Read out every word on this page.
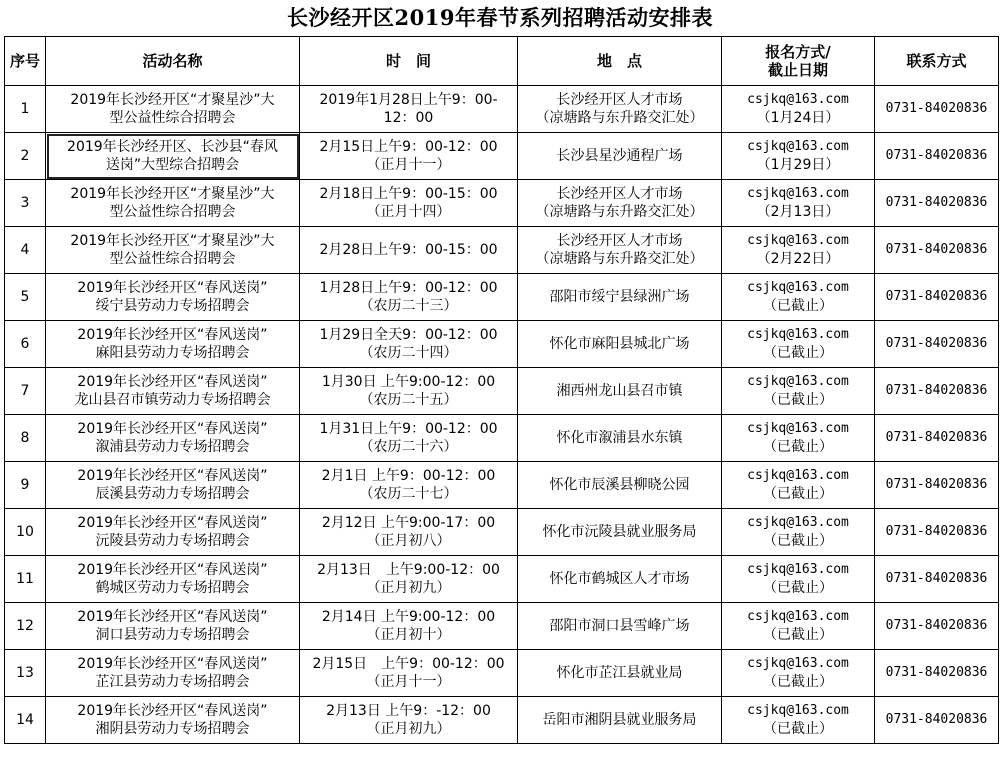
长沙经开区2019年春节系列招聘活动安排表
序号	活动名称	时　间	地　点	报名方式/
截止日期	联系方式

1	2019年长沙经开区“才聚星沙”大
型公益性综合招聘会	2019年1月28日上午9：00-
12：00	长沙经开区人才市场
（凉塘路与东升路交汇处）	csjkq@163.com
（1月24日）	0731-84020836

2	2019年长沙经开区、长沙县“春风
送岗”大型综合招聘会	2月15日上午9：00-12：00
（正月十一）	长沙县星沙通程广场	csjkq@163.com
（1月29日）	0731-84020836

3	2019年长沙经开区“才聚星沙”大
型公益性综合招聘会	2月18日上午9：00-15：00
（正月十四）	长沙经开区人才市场
（凉塘路与东升路交汇处）	csjkq@163.com
（2月13日）	0731-84020836

4	2019年长沙经开区“才聚星沙”大
型公益性综合招聘会	2月28日上午9：00-15：00	长沙经开区人才市场
（凉塘路与东升路交汇处）	csjkq@163.com
（2月22日）	0731-84020836

5	2019年长沙经开区“春风送岗”
绥宁县劳动力专场招聘会	1月28日上午9：00-12：00
（农历二十三）	邵阳市绥宁县绿洲广场	csjkq@163.com
（已截止）	0731-84020836

6	2019年长沙经开区“春风送岗”
麻阳县劳动力专场招聘会	1月29日全天9：00-12：00
（农历二十四）	怀化市麻阳县城北广场	csjkq@163.com
（已截止）	0731-84020836

7	2019年长沙经开区“春风送岗”
龙山县召市镇劳动力专场招聘会	1月30日 上午9:00-12：00
（农历二十五）	湘西州龙山县召市镇	csjkq@163.com
（已截止）	0731-84020836

8	2019年长沙经开区“春风送岗”
溆浦县劳动力专场招聘会	1月31日上午9：00-12：00
（农历二十六）	怀化市溆浦县水东镇	csjkq@163.com
（已截止）	0731-84020836

9	2019年长沙经开区“春风送岗”
辰溪县劳动力专场招聘会	2月1日 上午9：00-12：00
（农历二十七）	怀化市辰溪县柳晓公园	csjkq@163.com
（已截止）	0731-84020836

10	2019年长沙经开区“春风送岗”
沅陵县劳动力专场招聘会	2月12日 上午9:00-17：00
（正月初八）	怀化市沅陵县就业服务局	csjkq@163.com
（已截止）	0731-84020836

11	2019年长沙经开区“春风送岗”
鹤城区劳动力专场招聘会	2月13日　上午9:00-12：00
（正月初九）	怀化市鹤城区人才市场	csjkq@163.com
（已截止）	0731-84020836

12	2019年长沙经开区“春风送岗”
洞口县劳动力专场招聘会	2月14日 上午9:00-12：00
（正月初十）	邵阳市洞口县雪峰广场	csjkq@163.com
（已截止）	0731-84020836

13	2019年长沙经开区“春风送岗”
芷江县劳动力专场招聘会	2月15日　上午9：00-12：00
（正月十一）	怀化市芷江县就业局	csjkq@163.com
（已截止）	0731-84020836

14	2019年长沙经开区“春风送岗”
湘阴县劳动力专场招聘会	2月13日 上午9：-12：00
（正月初九）	岳阳市湘阴县就业服务局	csjkq@163.com
（已截止）	0731-84020836
